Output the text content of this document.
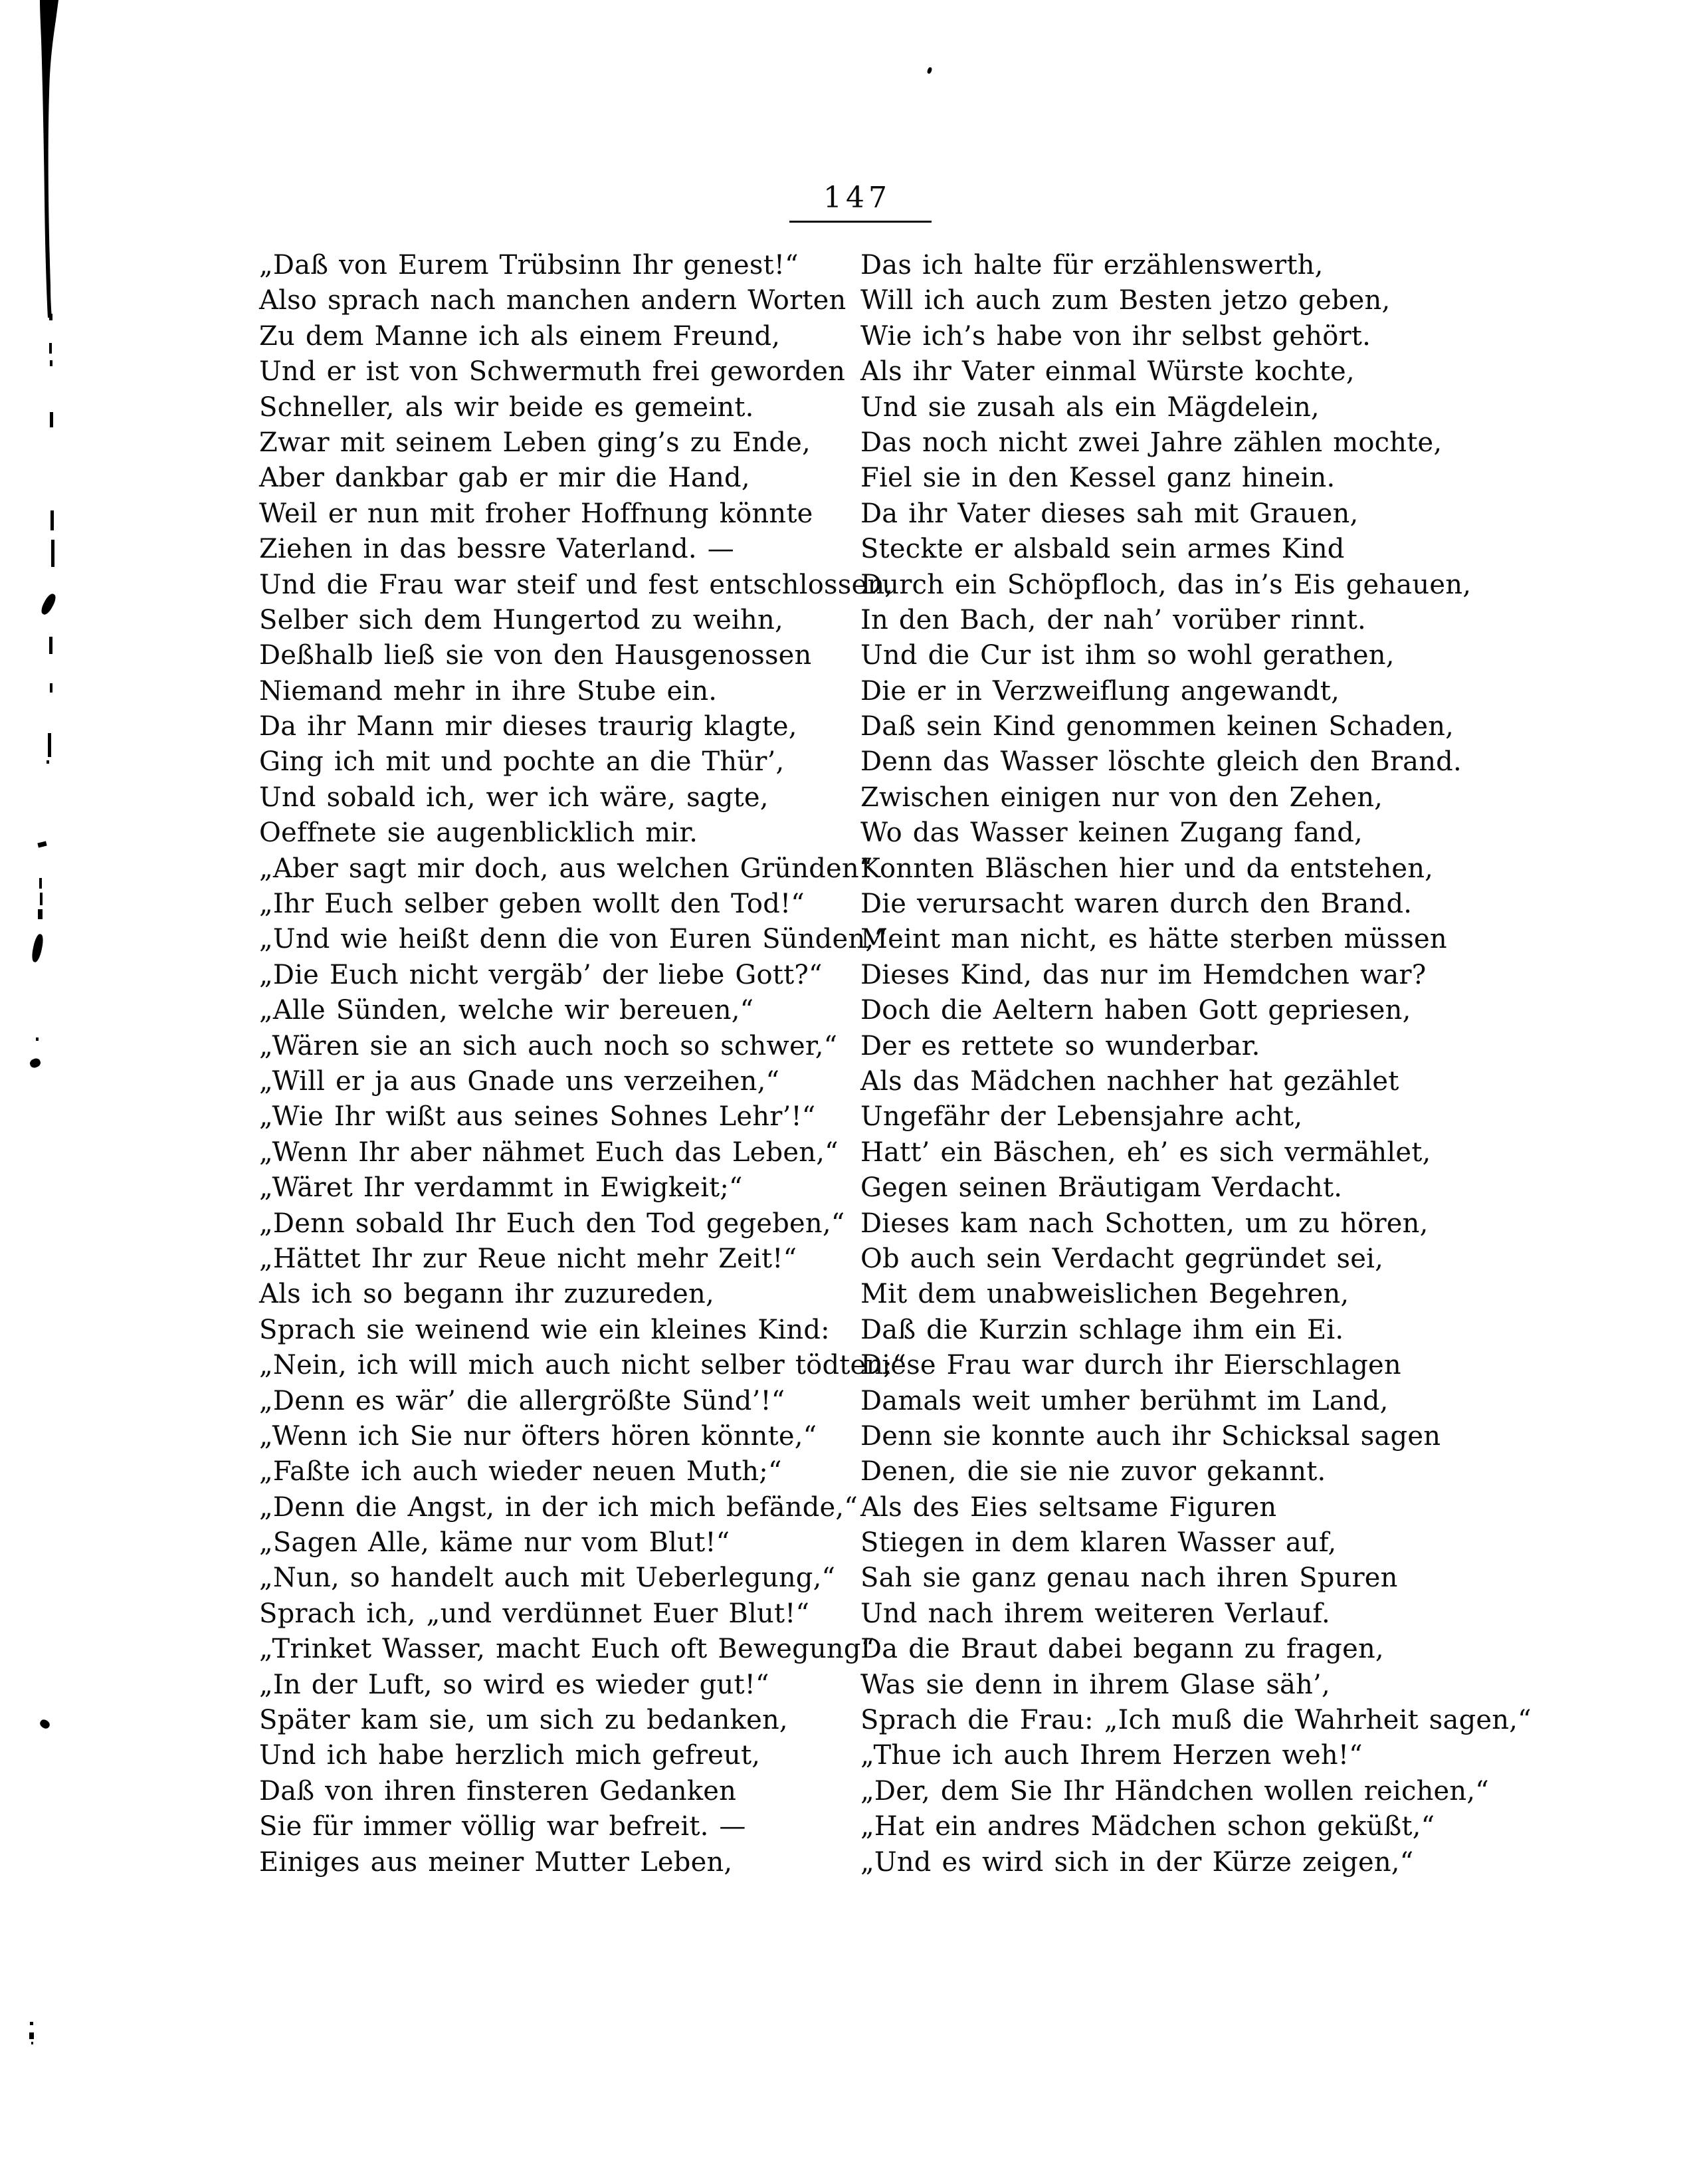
147
„Daß von Eurem Trübsinn Ihr genest!“
Also sprach nach manchen andern Worten
Zu dem Manne ich als einem Freund,
Und er ist von Schwermuth frei geworden
Schneller, als wir beide es gemeint.
Zwar mit seinem Leben ging’s zu Ende,
Aber dankbar gab er mir die Hand,
Weil er nun mit froher Hoffnung könnte
Ziehen in das bessre Vaterland. —
Und die Frau war steif und fest entschlossen,
Selber sich dem Hungertod zu weihn,
Deßhalb ließ sie von den Hausgenossen
Niemand mehr in ihre Stube ein.
Da ihr Mann mir dieses traurig klagte,
Ging ich mit und pochte an die Thür’,
Und sobald ich, wer ich wäre, sagte,
Oeffnete sie augenblicklich mir.
„Aber sagt mir doch, aus welchen Gründen“
„Ihr Euch selber geben wollt den Tod!“
„Und wie heißt denn die von Euren Sünden,“
„Die Euch nicht vergäb’ der liebe Gott?“
„Alle Sünden, welche wir bereuen,“
„Wären sie an sich auch noch so schwer,“
„Will er ja aus Gnade uns verzeihen,“
„Wie Ihr wißt aus seines Sohnes Lehr’!“
„Wenn Ihr aber nähmet Euch das Leben,“
„Wäret Ihr verdammt in Ewigkeit;“
„Denn sobald Ihr Euch den Tod gegeben,“
„Hättet Ihr zur Reue nicht mehr Zeit!“
Als ich so begann ihr zuzureden,
Sprach sie weinend wie ein kleines Kind:
„Nein, ich will mich auch nicht selber tödten;“
„Denn es wär’ die allergrößte Sünd’!“
„Wenn ich Sie nur öfters hören könnte,“
„Faßte ich auch wieder neuen Muth;“
„Denn die Angst, in der ich mich befände,“
„Sagen Alle, käme nur vom Blut!“
„Nun, so handelt auch mit Ueberlegung,“
Sprach ich, „und verdünnet Euer Blut!“
„Trinket Wasser, macht Euch oft Bewegung“
„In der Luft, so wird es wieder gut!“
Später kam sie, um sich zu bedanken,
Und ich habe herzlich mich gefreut,
Daß von ihren finsteren Gedanken
Sie für immer völlig war befreit. —
Einiges aus meiner Mutter Leben,
Das ich halte für erzählenswerth,
Will ich auch zum Besten jetzo geben,
Wie ich’s habe von ihr selbst gehört.
Als ihr Vater einmal Würste kochte,
Und sie zusah als ein Mägdelein,
Das noch nicht zwei Jahre zählen mochte,
Fiel sie in den Kessel ganz hinein.
Da ihr Vater dieses sah mit Grauen,
Steckte er alsbald sein armes Kind
Durch ein Schöpfloch, das in’s Eis gehauen,
In den Bach, der nah’ vorüber rinnt.
Und die Cur ist ihm so wohl gerathen,
Die er in Verzweiflung angewandt,
Daß sein Kind genommen keinen Schaden,
Denn das Wasser löschte gleich den Brand.
Zwischen einigen nur von den Zehen,
Wo das Wasser keinen Zugang fand,
Konnten Bläschen hier und da entstehen,
Die verursacht waren durch den Brand.
Meint man nicht, es hätte sterben müssen
Dieses Kind, das nur im Hemdchen war?
Doch die Aeltern haben Gott gepriesen,
Der es rettete so wunderbar.
Als das Mädchen nachher hat gezählet
Ungefähr der Lebensjahre acht,
Hatt’ ein Bäschen, eh’ es sich vermählet,
Gegen seinen Bräutigam Verdacht.
Dieses kam nach Schotten, um zu hören,
Ob auch sein Verdacht gegründet sei,
Mit dem unabweislichen Begehren,
Daß die Kurzin schlage ihm ein Ei.
Diese Frau war durch ihr Eierschlagen
Damals weit umher berühmt im Land,
Denn sie konnte auch ihr Schicksal sagen
Denen, die sie nie zuvor gekannt.
Als des Eies seltsame Figuren
Stiegen in dem klaren Wasser auf,
Sah sie ganz genau nach ihren Spuren
Und nach ihrem weiteren Verlauf.
Da die Braut dabei begann zu fragen,
Was sie denn in ihrem Glase säh’,
Sprach die Frau: „Ich muß die Wahrheit sagen,“
„Thue ich auch Ihrem Herzen weh!“
„Der, dem Sie Ihr Händchen wollen reichen,“
„Hat ein andres Mädchen schon geküßt,“
„Und es wird sich in der Kürze zeigen,“
